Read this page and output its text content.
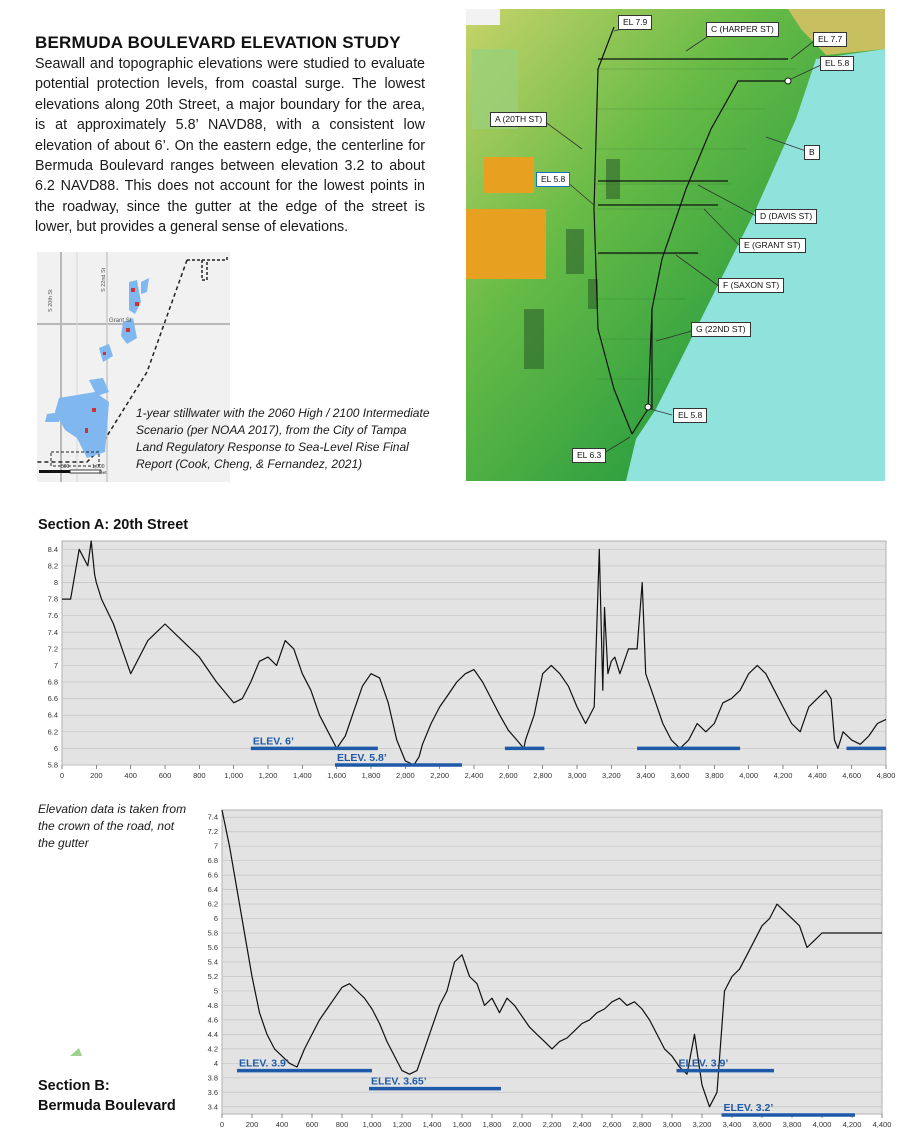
BERMUDA BOULEVARD ELEVATION STUDY
Seawall and topographic elevations were studied to evaluate potential protection levels, from coastal surge. The lowest elevations along 20th Street, a major boundary for the area, is at approximately 5.8’ NAVD88, with a consistent low elevation of about 6’. On the eastern edge, the centerline for Bermuda Boulevard ranges between elevation 3.2 to about 6.2 NAVD88. This does not account for the lowest points in the roadway, since the gutter at the edge of the street is lower, but provides a general sense of elevations.
S 20th St
S 22nd St
Grant St
500	1,000
feet
1-year stillwater with the 2060 High / 2100 Intermediate Scenario (per NOAA 2017), from the City of Tampa Land Regulatory Response to Sea-Level Rise Final Report (Cook, Cheng, & Fernandez, 2021)
EL 7.9
C (HARPER ST)
EL 7.7
EL 5.8
A (20TH ST)
B
EL 5.8
D (DAVIS ST)
E (GRANT ST)
F (SAXON ST)
G (22ND ST)
EL 5.8
EL 6.3
Section A: 20th Street
5.8
6
6.2
6.4
6.6
6.8
7
7.2
7.4
7.6
7.8
8
8.2
8.4
0	200	400	600	800 1,000 1,200 1,400 1,600 1,800 2,000 2,200 2,400 2,600 2,800 3,000 3,200 3,400 3,600 3,800 4,000 4,200 4,400 4,600 4,800
ELEV. 6’
ELEV. 5.8’
Elevation data is taken from the crown of the road, not the gutter
Section B:
Bermuda Boulevard	3.4
3.6
3.8
4
4.2
4.4
4.6
4.8
5
5.2
5.4
5.6
5.8
6
6.2
6.4
6.6
6.8
7
7.2
7.4
0	200 400 600 800 1,000 1,200 1,400 1,600 1,800 2,000 2,200 2,400 2,600 2,800 3,000 3,200 3,400 3,600 3,800 4,000 4,200 4,400
ELEV. 3.9’
ELEV. 3.65’
ELEV. 3.9’
ELEV. 3.2’
